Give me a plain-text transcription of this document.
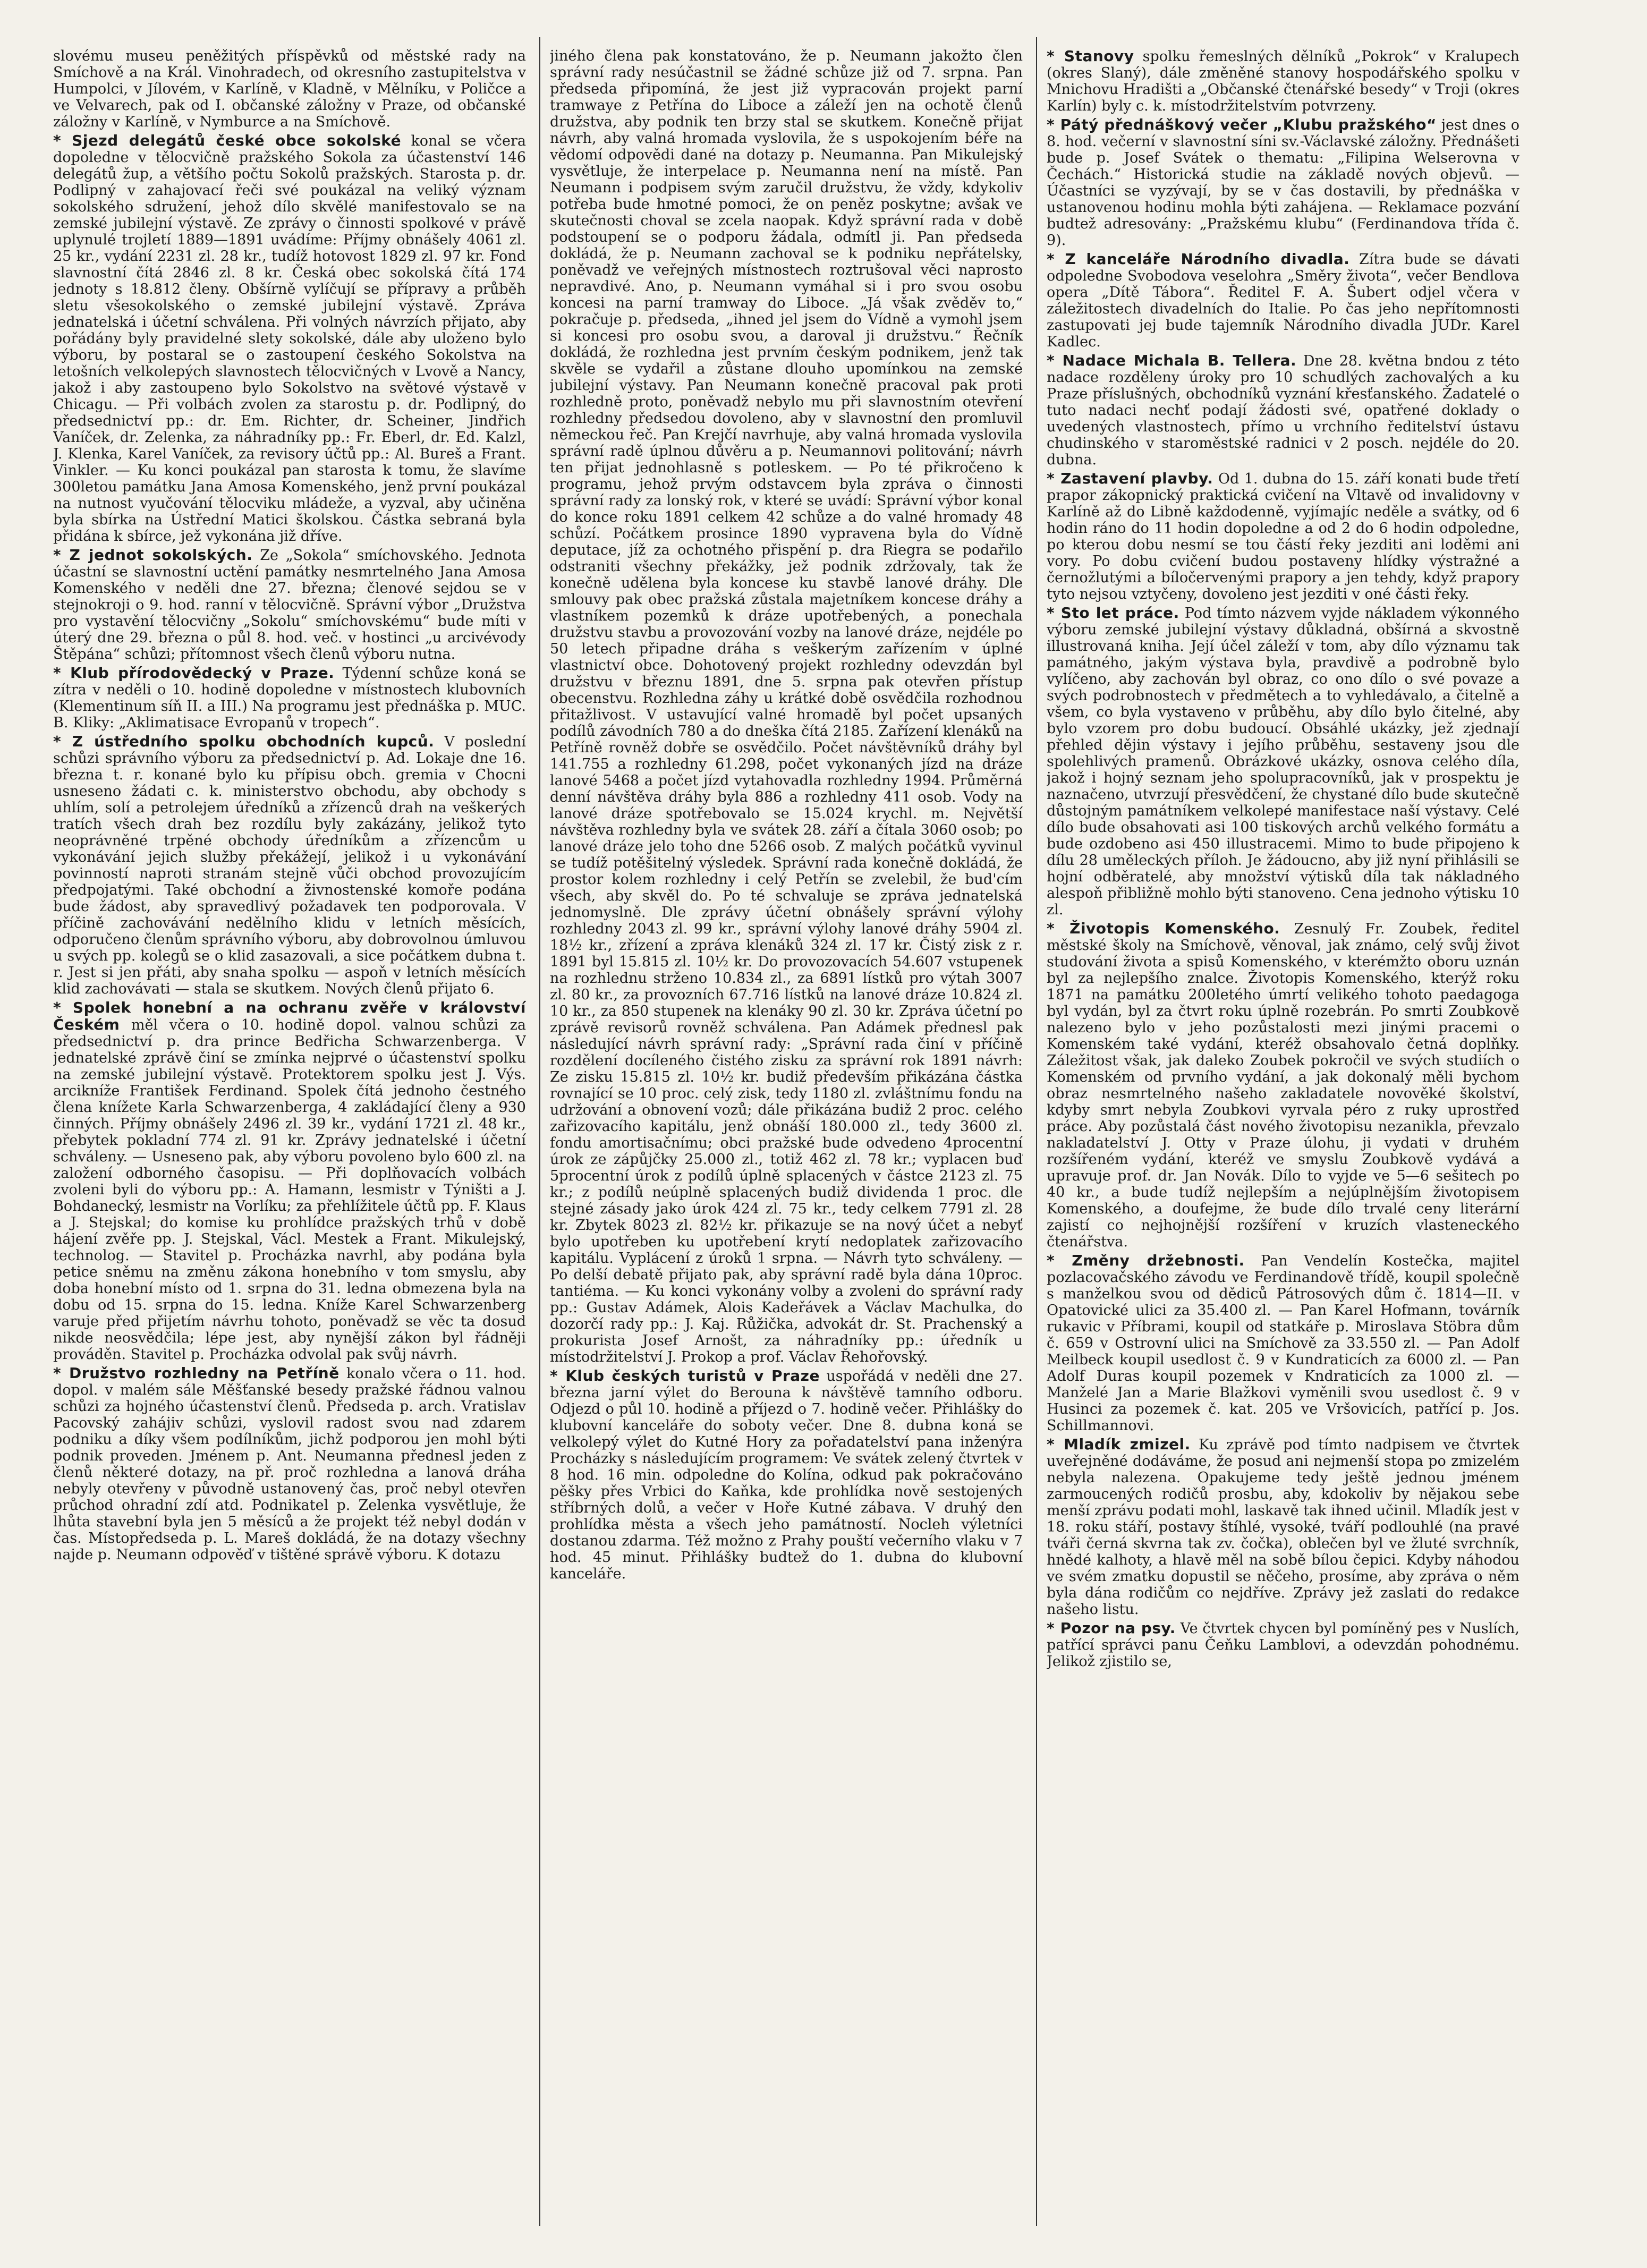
slovému museu peněžitých příspěvků od městské rady na Smíchově a na Král. Vinohradech, od okresního zastupitelstva v Humpolci, v Jílovém, v Karlíně, v Kladně, v Mělníku, v Poličce a ve Velvarech, pak od I. občanské záložny v Praze, od občanské záložny v Karlíně, v Nymburce a na Smíchově.

* Sjezd delegátů české obce sokolské konal se včera dopoledne v tělocvičně pražského Sokola za účastenství 146 delegátů žup, a většího počtu Sokolů pražských. Starosta p. dr. Podlipný v zahajovací řeči své poukázal na veliký význam sokolského sdružení, jehož dílo skvělé manifestovalo se na zemské jubilejní výstavě. Ze zprávy o činnosti spolkové v právě uplynulé trojletí 1889—1891 uvádíme: Příjmy obnášely 4061 zl. 25 kr., vydání 2231 zl. 28 kr., tudíž hotovost 1829 zl. 97 kr. Fond slavnostní čítá 2846 zl. 8 kr. Česká obec sokolská čítá 174 jednoty s 18.812 členy. Obšírně vylíčují se přípravy a průběh sletu všesokolského o zemské jubilejní výstavě. Zpráva jednatelská i účetní schválena. Při volných návrzích přijato, aby pořádány byly pravidelné slety sokolské, dále aby uloženo bylo výboru, by postaral se o zastoupení českého Sokolstva na letošních velkolepých slavnostech tělocvičných v Lvově a Nancy, jakož i aby zastoupeno bylo Sokolstvo na světové výstavě v Chicagu. — Při volbách zvolen za starostu p. dr. Podlipný, do předsednictví pp.: dr. Em. Richter, dr. Scheiner, Jindřich Vaníček, dr. Zelenka, za náhradníky pp.: Fr. Eberl, dr. Ed. Kalzl, J. Klenka, Karel Vaníček, za revisory účtů pp.: Al. Bureš a Frant. Vinkler. — Ku konci poukázal pan starosta k tomu, že slavíme 300letou památku Jana Amosa Komenského, jenž první poukázal na nutnost vyučování tělocviku mládeže, a vyzval, aby učiněna byla sbírka na Ústřední Matici školskou. Částka sebraná byla přidána k sbírce, jež vykonána již dříve.

* Z jednot sokolských. Ze „Sokola“ smíchovského. Jednota účastní se slavnostní uctění památky nesmrtelného Jana Amosa Komenského v neděli dne 27. března; členové sejdou se v stejnokroji o 9. hod. ranní v tělocvičně. Správní výbor „Družstva pro vystavění tělocvičny „Sokolu“ smíchovskému“ bude míti v úterý dne 29. března o půl 8. hod. več. v hostinci „u arcivévody Štěpána“ schůzi; přítomnost všech členů výboru nutna.

* Klub přírodovědecký v Praze. Týdenní schůze koná se zítra v neděli o 10. hodině dopoledne v místnostech klubovních (Klementinum síň II. a III.) Na programu jest přednáška p. MUC. B. Kliky: „Aklimatisace Evropanů v tropech“.

* Z ústředního spolku obchodních kupců. V poslední schůzi správního výboru za předsednictví p. Ad. Lokaje dne 16. března t. r. konané bylo ku přípisu obch. gremia v Chocni usneseno žádati c. k. ministerstvo obchodu, aby obchody s uhlím, solí a petrolejem úředníků a zřízenců drah na veškerých tratích všech drah bez rozdílu byly zakázány, jelikož tyto neoprávněné trpěné obchody úředníkům a zřízencům u vykonávání jejich služby překážejí, jelikož i u vykonávání povinností naproti stranám stejně vůči obchod provozujícím předpojatými. Také obchodní a živnostenské komoře podána bude žádost, aby spravedlivý požadavek ten podporovala. V příčině zachovávání nedělního klidu v letních měsících, odporučeno členům správního výboru, aby dobrovolnou úmluvou u svých pp. kolegů se o klid zasazovali, a sice počátkem dubna t. r. Jest si jen přáti, aby snaha spolku — aspoň v letních měsících klid zachovávati — stala se skutkem. Nových členů přijato 6.

* Spolek honební a na ochranu zvěře v království Českém měl včera o 10. hodině dopol. valnou schůzi za předsednictví p. dra prince Bedřicha Schwarzenberga. V jednatelské zprávě činí se zmínka nejprvé o účastenství spolku na zemské jubilejní výstavě. Protektorem spolku jest J. Výs. arcikníže František Ferdinand. Spolek čítá jednoho čestného člena knížete Karla Schwarzenberga, 4 zakládající členy a 930 činných. Příjmy obnášely 2496 zl. 39 kr., vydání 1721 zl. 48 kr., přebytek pokladní 774 zl. 91 kr. Zprávy jednatelské i účetní schváleny. — Usneseno pak, aby výboru povoleno bylo 600 zl. na založení odborného časopisu. — Při doplňovacích volbách zvoleni byli do výboru pp.: A. Hamann, lesmistr v Týništi a J. Bohdanecký, lesmistr na Vorlíku; za přehlížitele účtů pp. F. Klaus a J. Stejskal; do komise ku prohlídce pražských trhů v době hájení zvěře pp. J. Stejskal, Václ. Mestek a Frant. Mikulejský, technolog. — Stavitel p. Procházka navrhl, aby podána byla petice sněmu na změnu zákona honebního v tom smyslu, aby doba honební místo od 1. srpna do 31. ledna obmezena byla na dobu od 15. srpna do 15. ledna. Kníže Karel Schwarzenberg varuje před přijetím návrhu tohoto, poněvadž se věc ta dosud nikde neosvědčila; lépe jest, aby nynější zákon byl řádněji prováděn. Stavitel p. Procházka odvolal pak svůj návrh.

* Družstvo rozhledny na Petříně konalo včera o 11. hod. dopol. v malém sále Měšťanské besedy pražské řádnou valnou schůzi za hojného účastenství členů. Předseda p. arch. Vratislav Pacovský zahájiv schůzi, vyslovil radost svou nad zdarem podniku a díky všem podílníkům, jichž podporou jen mohl býti podnik proveden. Jménem p. Ant. Neumanna přednesl jeden z členů některé dotazy, na př. proč rozhledna a lanová dráha nebyly otevřeny v původně ustanovený čas, proč nebyl otevřen průchod ohradní zdí atd. Podnikatel p. Zelenka vysvětluje, že lhůta stavební byla jen 5 měsíců a že projekt též nebyl dodán v čas. Místopředseda p. L. Mareš dokládá, že na dotazy všechny najde p. Neumann odpověď v tištěné správě výboru. K dotazu

jiného člena pak konstatováno, že p. Neumann jakožto člen správní rady nesúčastnil se žádné schůze již od 7. srpna. Pan předseda připomíná, že jest již vypracován projekt parní tramwaye z Petřína do Liboce a záleží jen na ochotě členů družstva, aby podnik ten brzy stal se skutkem. Konečně přijat návrh, aby valná hromada vyslovila, že s uspokojením béře na vědomí odpovědi dané na dotazy p. Neumanna. Pan Mikulejský vysvětluje, že interpelace p. Neumanna není na místě. Pan Neumann i podpisem svým zaručil družstvu, že vždy, kdykoliv potřeba bude hmotné pomoci, že on peněz poskytne; avšak ve skutečnosti choval se zcela naopak. Když správní rada v době podstoupení se o podporu žádala, odmítl ji. Pan předseda dokládá, že p. Neumann zachoval se k podniku nepřátelsky, poněvadž ve veřejných místnostech roztrušoval věci naprosto nepravdivé. Ano, p. Neumann vymáhal si i pro svou osobu koncesi na parní tramway do Liboce. „Já však zvěděv to,“ pokračuje p. předseda, „ihned jel jsem do Vídně a vymohl jsem si koncesi pro osobu svou, a daroval ji družstvu.“ Řečník dokládá, že rozhledna jest prvním českým podnikem, jenž tak skvěle se vydařil a zůstane dlouho upomínkou na zemské jubilejní výstavy. Pan Neumann konečně pracoval pak proti rozhledně proto, poněvadž nebylo mu při slavnostním otevření rozhledny předsedou dovoleno, aby v slavnostní den promluvil německou řeč. Pan Krejčí navrhuje, aby valná hromada vyslovila správní radě úplnou důvěru a p. Neumannovi politování; návrh ten přijat jednohlasně s potleskem. — Po té přikročeno k programu, jehož prvým odstavcem byla zpráva o činnosti správní rady za lonský rok, v které se uvádí: Správní výbor konal do konce roku 1891 celkem 42 schůze a do valné hromady 48 schůzí. Počátkem prosince 1890 vypravena byla do Vídně deputace, jíž za ochotného přispění p. dra Riegra se podařilo odstraniti všechny překážky, jež podnik zdržovaly, tak že konečně udělena byla koncese ku stavbě lanové dráhy. Dle smlouvy pak obec pražská zůstala majetníkem koncese dráhy a vlastníkem pozemků k dráze upotřebených, a ponechala družstvu stavbu a provozování vozby na lanové dráze, nejdéle po 50 letech připadne dráha s veškerým zařízením v úplné vlastnictví obce. Dohotovený projekt rozhledny odevzdán byl družstvu v březnu 1891, dne 5. srpna pak otevřen přístup obecenstvu. Rozhledna záhy u krátké době osvědčila rozhodnou přitažlivost. V ustavující valné hromadě byl počet upsaných podílů závodních 780 a do dneška čítá 2185. Zařízení klenáků na Petříně rovněž dobře se osvědčilo. Počet návštěvníků dráhy byl 141.755 a rozhledny 61.298, počet vykonaných jízd na dráze lanové 5468 a počet jízd vytahovadla rozhledny 1994. Průměrná denní návštěva dráhy byla 886 a rozhledny 411 osob. Vody na lanové dráze spotřebovalo se 15.024 krychl. m. Největší návštěva rozhledny byla ve svátek 28. září a čítala 3060 osob; po lanové dráze jelo toho dne 5266 osob. Z malých počátků vyvinul se tudíž potěšitelný výsledek. Správní rada konečně dokládá, že prostor kolem rozhledny i celý Petřín se zvelebil, že bud'cím všech, aby skvěl do. Po té schvaluje se zpráva jednatelská jednomyslně. Dle zprávy účetní obnášely správní výlohy rozhledny 2043 zl. 99 kr., správní výlohy lanové dráhy 5904 zl. 18½ kr., zřízení a zpráva klenáků 324 zl. 17 kr. Čistý zisk z r. 1891 byl 15.815 zl. 10½ kr. Do provozovacích 54.607 vstupenek na rozhlednu strženo 10.834 zl., za 6891 lístků pro výtah 3007 zl. 80 kr., za provozních 67.716 lístků na lanové dráze 10.824 zl. 10 kr., za 850 stupenek na klenáky 90 zl. 30 kr. Zpráva účetní po zprávě revisorů rovněž schválena. Pan Adámek přednesl pak následující návrh správní rady: „Správní rada činí v příčině rozdělení docíleného čistého zisku za správní rok 1891 návrh: Ze zisku 15.815 zl. 10½ kr. budiž především přikázána částka rovnající se 10 proc. celý zisk, tedy 1180 zl. zvláštnímu fondu na udržování a obnovení vozů; dále přikázána budiž 2 proc. celého zařizovacího kapitálu, jenž obnáší 180.000 zl., tedy 3600 zl. fondu amortisačnímu; obci pražské bude odvedeno 4procentní úrok ze zápůjčky 25.000 zl., totiž 462 zl. 78 kr.; vyplacen buď 5procentní úrok z podílů úplně splacených v částce 2123 zl. 75 kr.; z podílů neúplně splacených budiž dividenda 1 proc. dle stejné zásady jako úrok 424 zl. 75 kr., tedy celkem 7791 zl. 28 kr. Zbytek 8023 zl. 82½ kr. přikazuje se na nový účet a nebyť bylo upotřeben ku upotřebení krytí nedoplatek zařizovacího kapitálu. Vyplácení z úroků 1 srpna. — Návrh tyto schváleny. — Po delší debatě přijato pak, aby správní radě byla dána 10proc. tantiéma. — Ku konci vykonány volby a zvoleni do správní rady pp.: Gustav Adámek, Alois Kadeřávek a Václav Machulka, do dozorčí rady pp.: J. Kaj. Růžička, advokát dr. St. Prachenský a prokurista Josef Arnošt, za náhradníky pp.: úředník u místodržitelství J. Prokop a prof. Václav Řehořovský.

* Klub českých turistů v Praze uspořádá v neděli dne 27. března jarní výlet do Berouna k návštěvě tamního odboru. Odjezd o půl 10. hodině a příjezd o 7. hodině večer. Přihlášky do klubovní kanceláře do soboty večer. Dne 8. dubna koná se velkolepý výlet do Kutné Hory za pořadatelství pana inženýra Procházky s následujícím programem: Ve svátek zelený čtvrtek v 8 hod. 16 min. odpoledne do Kolína, odkud pak pokračováno pěšky přes Vrbici do Kaňka, kde prohlídka nově sestojených stříbrných dolů, a večer v Hoře Kutné zábava. V druhý den prohlídka města a všech jeho památností. Nocleh výletníci dostanou zdarma. Též možno z Prahy pouští večerního vlaku v 7 hod. 45 minut. Přihlášky budtež do 1. dubna do klubovní kanceláře.

* Stanovy spolku řemeslných dělníků „Pokrok“ v Kralupech (okres Slaný), dále změněné stanovy hospodářského spolku v Mnichovu Hradišti a „Občanské čtenářské besedy“ v Troji (okres Karlín) byly c. k. místodržitelstvím potvrzeny.

* Pátý přednáškový večer „Klubu pražského“ jest dnes o 8. hod. večerní v slavnostní síni sv.-Václavské záložny. Přednášeti bude p. Josef Svátek o thematu: „Filipina Welserovna v Čechách.“ Historická studie na základě nových objevů. — Účastníci se vyzývají, by se v čas dostavili, by přednáška v ustanovenou hodinu mohla býti zahájena. — Reklamace pozvání budtež adresovány: „Pražskému klubu“ (Ferdinandova třída č. 9).

* Z kanceláře Národního divadla. Zítra bude se dávati odpoledne Svobodova veselohra „Směry života“, večer Bendlova opera „Dítě Tábora“. Ředitel F. A. Šubert odjel včera v záležitostech divadelních do Italie. Po čas jeho nepřítomnosti zastupovati jej bude tajemník Národního divadla JUDr. Karel Kadlec.

* Nadace Michala B. Tellera. Dne 28. května bndou z této nadace rozděleny úroky pro 10 schudlých zachovalých a ku Praze příslušných, obchodníků vyznání křesťanského. Žadatelé o tuto nadaci nechť podají žádosti své, opatřené doklady o uvedených vlastnostech, přímo u vrchního ředitelství ústavu chudinského v staroměstské radnici v 2 posch. nejdéle do 20. dubna.

* Zastavení plavby. Od 1. dubna do 15. září konati bude třetí prapor zákopnický praktická cvičení na Vltavě od invalidovny v Karlíně až do Libně každodenně, vyjímajíc neděle a svátky, od 6 hodin ráno do 11 hodin dopoledne a od 2 do 6 hodin odpoledne, po kterou dobu nesmí se tou částí řeky jezditi ani loděmi ani vory. Po dobu cvičení budou postaveny hlídky výstražné a černožlutými a bíločervenými prapory a jen tehdy, když prapory tyto nejsou vztyčeny, dovoleno jest jezditi v oné části řeky.

* Sto let práce. Pod tímto názvem vyjde nákladem výkonného výboru zemské jubilejní výstavy důkladná, obšírná a skvostně illustrovaná kniha. Její účel záleží v tom, aby dílo významu tak památného, jakým výstava byla, pravdivě a podrobně bylo vylíčeno, aby zachován byl obraz, co ono dílo o své povaze a svých podrobnostech v předmětech a to vyhledávalo, a čitelně a všem, co byla vystaveno v průběhu, aby dílo bylo čitelné, aby bylo vzorem pro dobu budoucí. Obsáhlé ukázky, jež zjednají přehled dějin výstavy i jejího průběhu, sestaveny jsou dle spolehlivých pramenů. Obrázkové ukázky, osnova celého díla, jakož i hojný seznam jeho spolupracovníků, jak v prospektu je naznačeno, utvrzují přesvědčení, že chystané dílo bude skutečně důstojným památníkem velkolepé manifestace naší výstavy. Celé dílo bude obsahovati asi 100 tiskových archů velkého formátu a bude ozdobeno asi 450 illustracemi. Mimo to bude připojeno k dílu 28 uměleckých příloh. Je žádoucno, aby již nyní přihlásili se hojní odběratelé, aby množství výtisků díla tak nákladného alespoň přibližně mohlo býti stanoveno. Cena jednoho výtisku 10 zl.

* Životopis Komenského. Zesnulý Fr. Zoubek, ředitel městské školy na Smíchově, věnoval, jak známo, celý svůj život studování života a spisů Komenského, v kterémžto oboru uznán byl za nejlepšího znalce. Životopis Komenského, kterýž roku 1871 na památku 200letého úmrtí velikého tohoto paedagoga byl vydán, byl za čtvrt roku úplně rozebrán. Po smrti Zoubkově nalezeno bylo v jeho pozůstalosti mezi jinými pracemi o Komenském také vydání, kteréž obsahovalo četná doplňky. Záležitost však, jak daleko Zoubek pokročil ve svých studiích o Komenském od prvního vydání, a jak dokonalý měli bychom obraz nesmrtelného našeho zakladatele novověké školství, kdyby smrt nebyla Zoubkovi vyrvala péro z ruky uprostřed práce. Aby pozůstalá část nového životopisu nezanikla, převzalo nakladatelství J. Otty v Praze úlohu, ji vydati v druhém rozšířeném vydání, kteréž ve smyslu Zoubkově vydává a upravuje prof. dr. Jan Novák. Dílo to vyjde ve 5—6 sešitech po 40 kr., a bude tudíž nejlepším a nejúplnějším životopisem Komenského, a doufejme, že bude dílo trvalé ceny literární zajistí co nejhojnější rozšíření v kruzích vlasteneckého čtenářstva.

* Změny držebnosti. Pan Vendelín Kostečka, majitel pozlacovačského závodu ve Ferdinandově třídě, koupil společně s manželkou svou od dědiců Pátrosových dům č. 1814—II. v Opatovické ulici za 35.400 zl. — Pan Karel Hofmann, továrník rukavic v Příbrami, koupil od statkáře p. Miroslava Stöbra dům č. 659 v Ostrovní ulici na Smíchově za 33.550 zl. — Pan Adolf Meilbeck koupil usedlost č. 9 v Kundraticích za 6000 zl. — Pan Adolf Duras koupil pozemek v Kndraticích za 1000 zl. — Manželé Jan a Marie Blažkovi vyměnili svou usedlost č. 9 v Husinci za pozemek č. kat. 205 ve Vršovicích, patřící p. Jos. Schillmannovi.

* Mladík zmizel. Ku zprávě pod tímto nadpisem ve čtvrtek uveřejněné dodáváme, že posud ani nejmenší stopa po zmizelém nebyla nalezena. Opakujeme tedy ještě jednou jménem zarmoucených rodičů prosbu, aby, kdokoliv by nějakou sebe menší zprávu podati mohl, laskavě tak ihned učinil. Mladík jest v 18. roku stáří, postavy štíhlé, vysoké, tváří podlouhlé (na pravé tváři černá skvrna tak zv. čočka), oblečen byl ve žluté svrchník, hnědé kalhoty, a hlavě měl na sobě bílou čepici. Kdyby náhodou ve svém zmatku dopustil se něčeho, prosíme, aby zpráva o něm byla dána rodičům co nejdříve. Zprávy jež zaslati do redakce našeho listu.

* Pozor na psy. Ve čtvrtek chycen byl pomíněný pes v Nuslích, patřící správci panu Čeňku Lamblovi, a odevzdán pohodnému. Jelikož zjistilo se,
